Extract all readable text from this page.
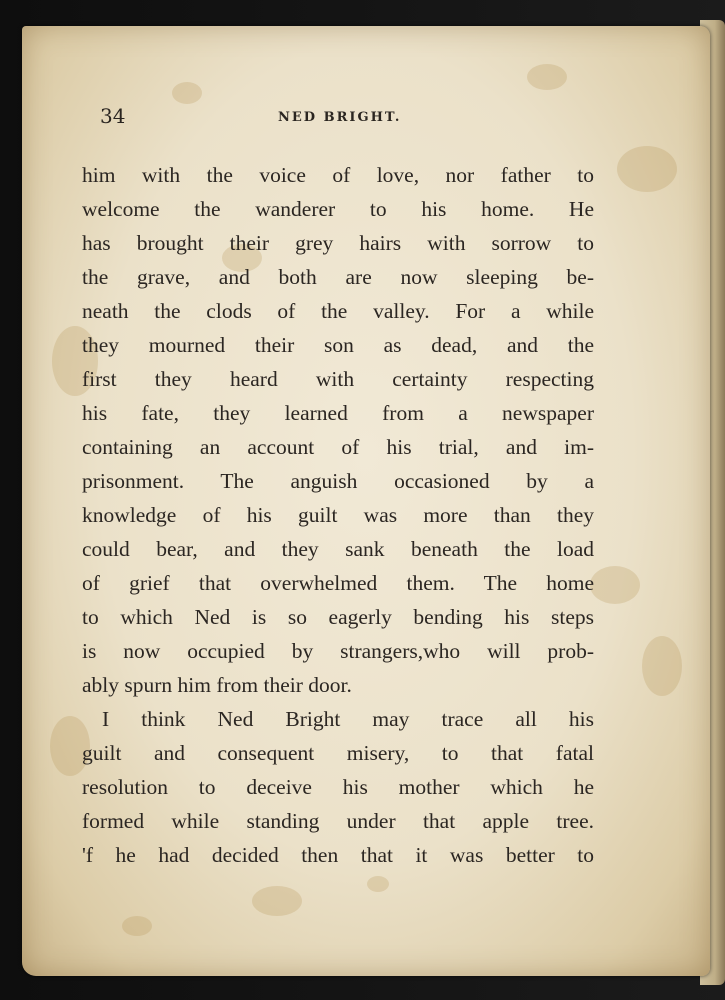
34	NED BRIGHT.
him with the voice of love, nor father to
welcome the wanderer to his home. He
has brought their grey hairs with sorrow to
the grave, and both are now sleeping be-
neath the clods of the valley. For a while
they mourned their son as dead, and the
first they heard with certainty respecting
his fate, they learned from a newspaper
containing an account of his trial, and im-
prisonment. The anguish occasioned by a
knowledge of his guilt was more than they
could bear, and they sank beneath the load
of grief that overwhelmed them. The home
to which Ned is so eagerly bending his steps
is now occupied by strangers,who will prob-
ably spurn him from their door.
I think Ned Bright may trace all his
guilt and consequent misery, to that fatal
resolution to deceive his mother which he
formed while standing under that apple tree.
'f he had decided then that it was better to
